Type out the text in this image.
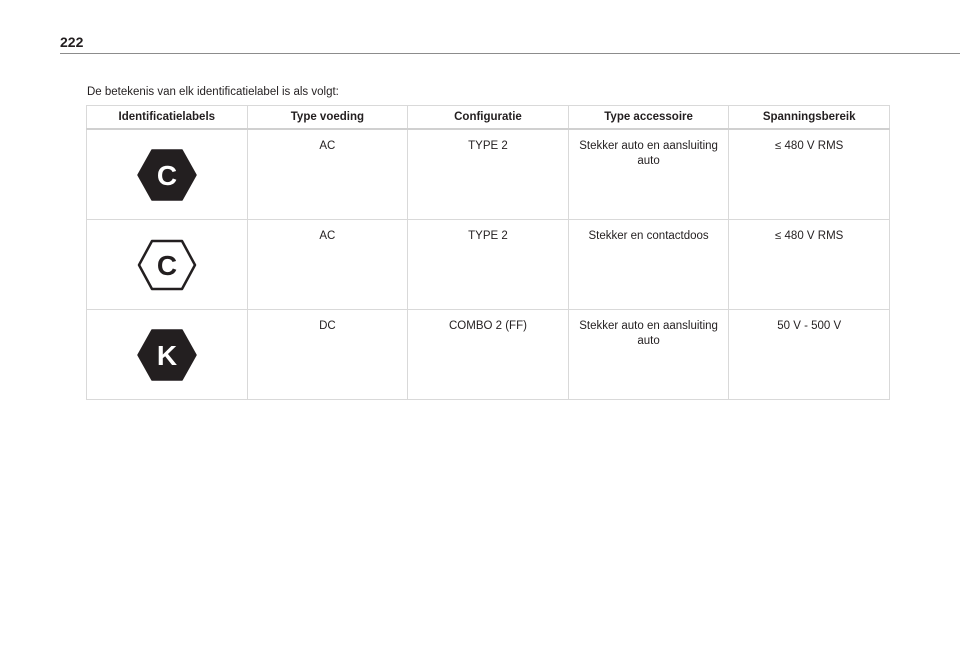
222
De betekenis van elk identificatielabel is als volgt:
Identificatielabels	Type voeding	Configuratie	Type accessoire	Spanningsbereik

C	AC	TYPE 2	Stekker auto en aansluiting auto	≤ 480 V RMS

C	AC	TYPE 2	Stekker en contactdoos	≤ 480 V RMS

K	DC	COMBO 2 (FF)	Stekker auto en aansluiting auto	50 V - 500 V
